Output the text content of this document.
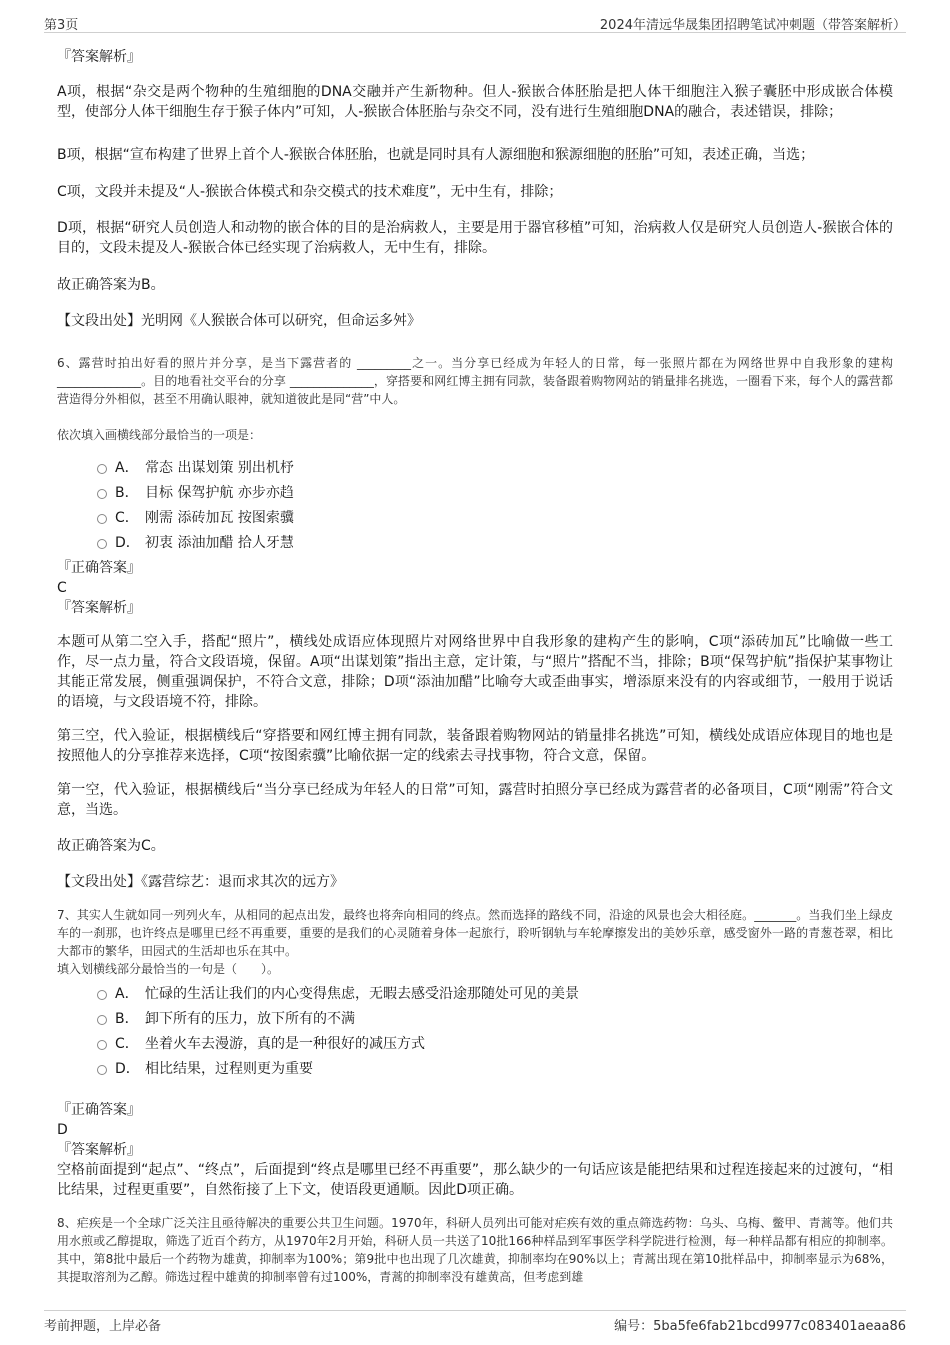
第3页	2024年清远华晟集团招聘笔试冲刺题（带答案解析）

『答案解析』

A项，根据“杂交是两个物种的生殖细胞的DNA交融并产生新物种。但人-猴嵌合体胚胎是把人体干细胞注入猴子囊胚中形成嵌合体模型，使部分人体干细胞生存于猴子体内”可知，人-猴嵌合体胚胎与杂交不同，没有进行生殖细胞DNA的融合，表述错误，排除；

B项，根据“宣布构建了世界上首个人-猴嵌合体胚胎，也就是同时具有人源细胞和猴源细胞的胚胎”可知，表述正确，当选；

C项，文段并未提及“人-猴嵌合体模式和杂交模式的技术难度”，无中生有，排除；

D项，根据“研究人员创造人和动物的嵌合体的目的是治病救人，主要是用于器官移植”可知，治病救人仅是研究人员创造人-猴嵌合体的目的，文段未提及人-猴嵌合体已经实现了治病救人，无中生有，排除。

故正确答案为B。

【文段出处】光明网《人猴嵌合体可以研究，但命运多舛》

6、露营时拍出好看的照片并分享，是当下露营者的 _________之一。当分享已经成为年轻人的日常，每一张照片都在为网络世界中自我形象的建构 ______________。目的地看社交平台的分享 ______________，穿搭要和网红博主拥有同款，装备跟着购物网站的销量排名挑选，一圈看下来，每个人的露营都营造得分外相似，甚至不用确认眼神，就知道彼此是同“营”中人。

依次填入画横线部分最恰当的一项是：

A． 常态 出谋划策 别出机杼
B． 目标 保驾护航 亦步亦趋
C． 刚需 添砖加瓦 按图索骥
D． 初衷 添油加醋 拾人牙慧

『正确答案』

C

『答案解析』

本题可从第二空入手，搭配“照片”，横线处成语应体现照片对网络世界中自我形象的建构产生的影响，C项“添砖加瓦”比喻做一些工作，尽一点力量，符合文段语境，保留。A项“出谋划策”指出主意，定计策，与“照片”搭配不当，排除；B项“保驾护航”指保护某事物让其能正常发展，侧重强调保护，不符合文意，排除；D项“添油加醋”比喻夸大或歪曲事实，增添原来没有的内容或细节，一般用于说话的语境，与文段语境不符，排除。

第三空，代入验证，根据横线后“穿搭要和网红博主拥有同款，装备跟着购物网站的销量排名挑选”可知，横线处成语应体现目的地也是按照他人的分享推荐来选择，C项“按图索骥”比喻依据一定的线索去寻找事物，符合文意，保留。

第一空，代入验证，根据横线后“当分享已经成为年轻人的日常”可知，露营时拍照分享已经成为露营者的必备项目，C项“刚需”符合文意，当选。

故正确答案为C。

【文段出处】《露营综艺：退而求其次的远方》

7、其实人生就如同一列列火车，从相同的起点出发，最终也将奔向相同的终点。然而选择的路线不同，沿途的风景也会大相径庭。_______。当我们坐上绿皮车的一刹那，也许终点是哪里已经不再重要，重要的是我们的心灵随着身体一起旅行，聆听钢轨与车轮摩擦发出的美妙乐章，感受窗外一路的青葱苍翠，相比大都市的繁华，田园式的生活却也乐在其中。

填入划横线部分最恰当的一句是（　　）。

A． 忙碌的生活让我们的内心变得焦虑，无暇去感受沿途那随处可见的美景
B． 卸下所有的压力，放下所有的不满
C． 坐着火车去漫游，真的是一种很好的减压方式
D． 相比结果，过程则更为重要

『正确答案』

D

『答案解析』

空格前面提到“起点”、“终点”，后面提到“终点是哪里已经不再重要”，那么缺少的一句话应该是能把结果和过程连接起来的过渡句，“相比结果，过程更重要”，自然衔接了上下文，使语段更通顺。因此D项正确。

8、疟疾是一个全球广泛关注且亟待解决的重要公共卫生问题。1970年，科研人员列出可能对疟疾有效的重点筛选药物：乌头、乌梅、鳖甲、青蒿等。他们共用水煎或乙醇提取，筛选了近百个药方，从1970年2月开始，科研人员一共送了10批166种样品到军事医学科学院进行检测，每一种样品都有相应的抑制率。其中，第8批中最后一个药物为雄黄，抑制率为100%；第9批中也出现了几次雄黄，抑制率均在90%以上；青蒿出现在第10批样品中，抑制率显示为68%，其提取溶剂为乙醇。筛选过程中雄黄的抑制率曾有过100%，青蒿的抑制率没有雄黄高，但考虑到雄

考前押题，上岸必备	编号：5ba5fe6fab21bcd9977c083401aeaa86
